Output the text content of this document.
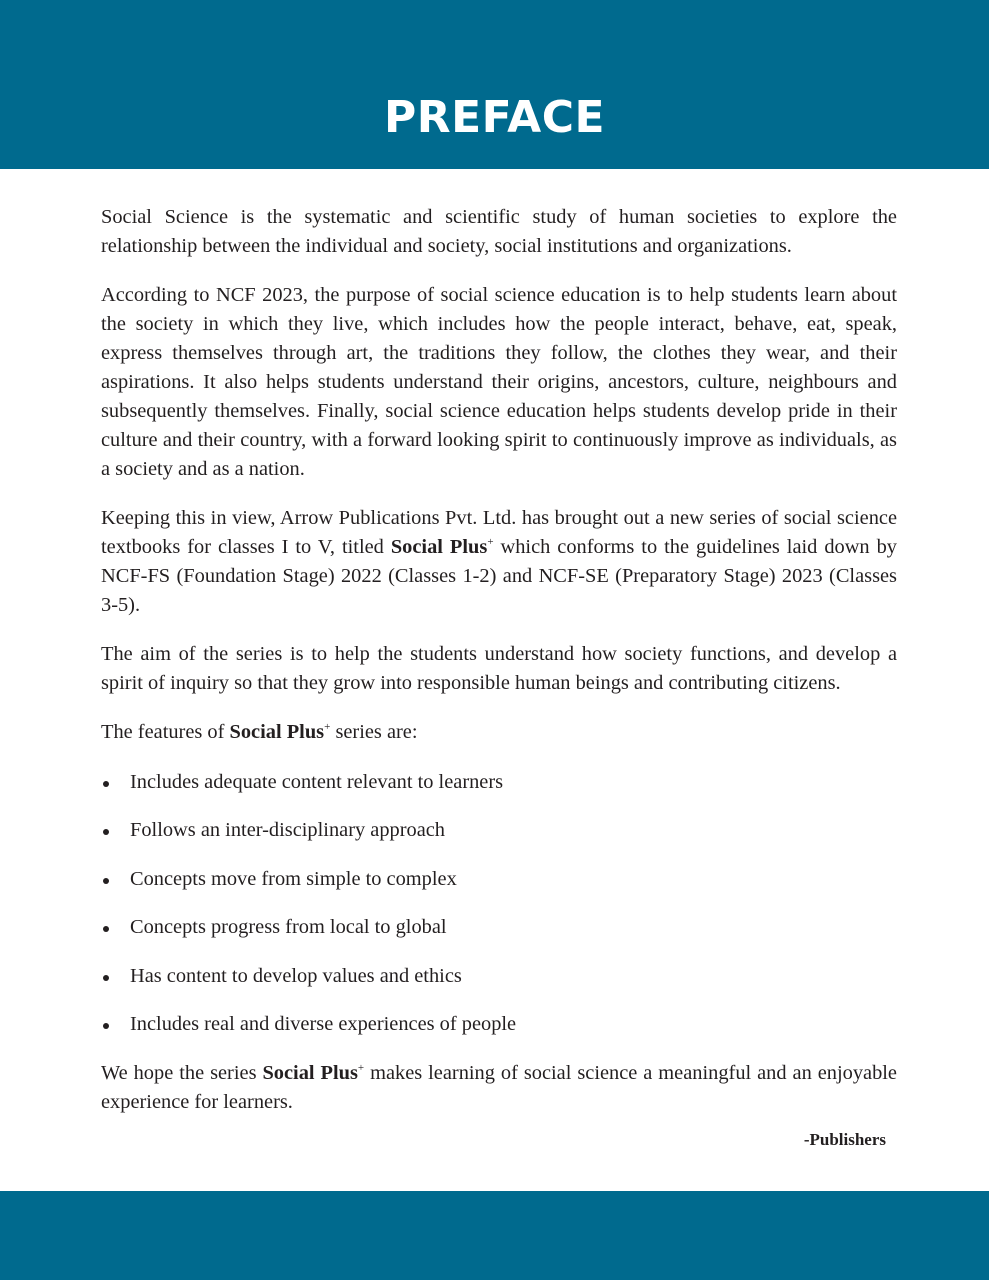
PREFACE

Social Science is the systematic and scientific study of human societies to explore the relationship between the individual and society, social institutions and organizations.

According to NCF 2023, the purpose of social science education is to help students learn about the society in which they live, which includes how the people interact, behave, eat, speak, express themselves through art, the traditions they follow, the clothes they wear, and their aspirations. It also helps students understand their origins, ancestors, culture, neighbours and subsequently themselves. Finally, social science education helps students develop pride in their culture and their country, with a forward looking spirit to continuously improve as individuals, as a society and as a nation.

Keeping this in view, Arrow Publications Pvt. Ltd. has brought out a new series of social science textbooks for classes I to V, titled Social Plus+ which conforms to the guidelines laid down by NCF-FS (Foundation Stage) 2022 (Classes 1-2) and NCF-SE (Preparatory Stage) 2023 (Classes 3-5).

The aim of the series is to help the students understand how society functions, and develop a spirit of inquiry so that they grow into responsible human beings and contributing citizens.

The features of Social Plus+ series are:

Includes adequate content relevant to learners
Follows an inter-disciplinary approach
Concepts move from simple to complex
Concepts progress from local to global
Has content to develop values and ethics
Includes real and diverse experiences of people

We hope the series Social Plus+ makes learning of social science a meaningful and an enjoyable experience for learners.

-Publishers
